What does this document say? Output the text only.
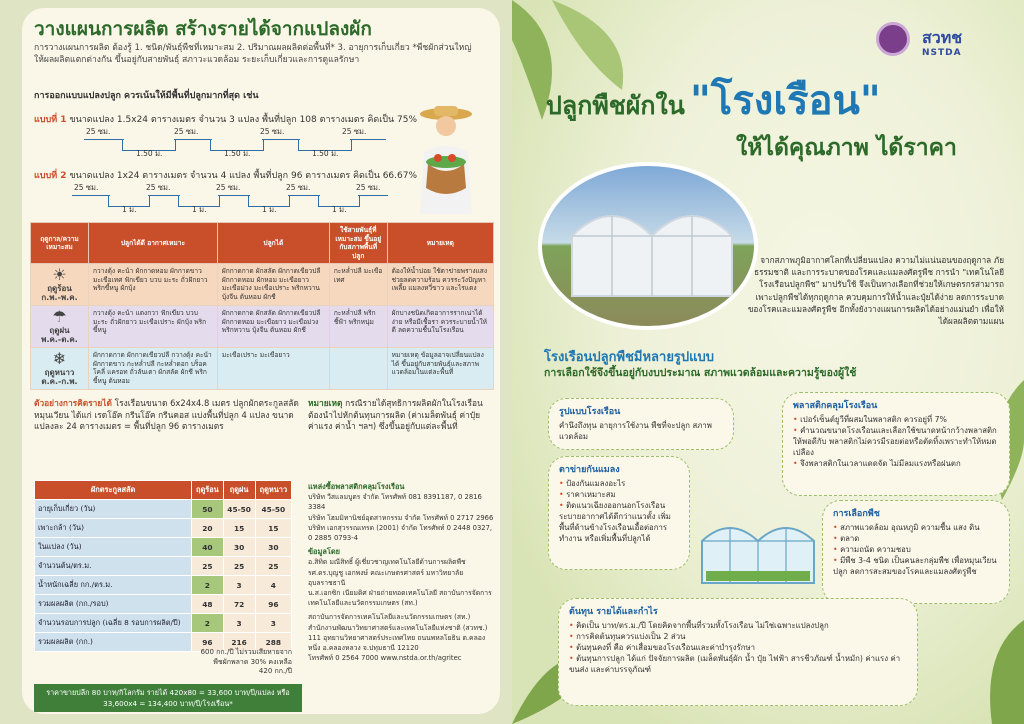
วางแผนการผลิต สร้างรายได้จากแปลงผัก
การวางแผนการผลิต ต้องรู้ 1. ชนิด/พันธุ์พืชที่เหมาะสม 2. ปริมาณผลผลิตต่อพื้นที่* 3. อายุการเก็บเกี่ยว *พืชผักส่วนใหญ่ให้ผลผลิตแตกต่างกัน ขึ้นอยู่กับสายพันธุ์ สภาวะแวดล้อม ระยะเก็บเกี่ยวและการดูแลรักษา
การออกแบบแปลงปลูก ควรเน้นให้มีพื้นที่ปลูกมากที่สุด เช่น
แบบที่ 1 ขนาดแปลง 1.5x24 ตารางเมตร จำนวน 3 แปลง พื้นที่ปลูก 108 ตารางเมตร คิดเป็น 75%
25 ซม.	25 ซม.	25 ซม.	25 ซม.
1.50 ม.	1.50 ม.	1.50 ม.
แบบที่ 2 ขนาดแปลง 1x24 ตารางเมตร จำนวน 4 แปลง พื้นที่ปลูก 96 ตารางเมตร คิดเป็น 66.67%
25 ซม.	25 ซม.	25 ซม.	25 ซม.	25 ซม.
1 ม.	1 ม.	1 ม.	1 ม.
ฤดูกาล/ความเหมาะสม	ปลูกได้ดี อากาศเหมาะ	ปลูกได้	ใช้สายพันธุ์ที่เหมาะสม ขึ้นอยู่กับสภาพพื้นที่ปลูก	หมายเหตุ

☀
ฤดูร้อน
ก.พ.-พ.ค.	กวางตุ้ง คะน้า ผักกาดหอม ผักกาดขาว มะเขือเทศ ฟักเขียว บวบ มะระ ถั่วฝักยาว พริกขี้หนู ผักบุ้ง	ผักกาดกาด ผักสลัด ผักกาดเขียวปลี ผักกาดหอม ผักหอม มะเขือยาว มะเขือม่วง มะเขือเปราะ พริกหวาน บุ้งจีน ต้นหอม ผักชี	กะหล่ำปลี มะเขือเทศ	ต้องให้น้ำบ่อย ใช้ตาข่ายพรางแสง ช่วยลดความร้อน ควรระวังปัญหาเพลี้ย แมลงหวี่ขาว และไรแดง

☂
ฤดูฝน
พ.ค.-ต.ค.	กวางตุ้ง คะน้า แตงกวา ฟักเขียว บวบ มะระ ถั่วฝักยาว มะเขือเปราะ ผักบุ้ง พริกขี้หนู	ผักกาดกาด ผักสลัด ผักกาดเขียวปลี ผักกาดหอม มะเขือยาว มะเขือม่วง พริกหวาน บุ้งจีน ต้นหอม ผักชี	กะหล่ำปลี พริกชี้ฟ้า พริกหนุ่ม	ผักบางชนิดเกิดอาการรากเน่าได้ง่าย หรือมีเชื้อรา ควรระบายน้ำให้ดี ลดความชื้นในโรงเรือน

❄
ฤดูหนาว
ต.ค.-ก.พ.	ผักกาดกาด ผักกาดเขียวปลี กวางตุ้ง คะน้า ผักกาดขาว กะหล่ำปลี กะหล่ำดอก บร็อคโคลี่ แครอท ถั่วลันเตา ผักสลัด ผักชี พริกขี้หนู ต้นหอม	มะเขือเปราะ มะเขือยาว		หมายเหตุ ข้อมูลอาจเปลี่ยนแปลงได้ ขึ้นอยู่กับสายพันธุ์และสภาพแวดล้อมในแต่ละพื้นที่
ตัวอย่างการคิดรายได้ โรงเรือนขนาด 6x24x4.8 เมตร ปลูกผักตระกูลสลัดหมุนเวียน ได้แก่ เรดโอ๊ค กรีนโอ๊ค กรีนคอส แบ่งพื้นที่ปลูก 4 แปลง ขนาดแปลงละ 24 ตารางเมตร = พื้นที่ปลูก 96 ตารางเมตร
หมายเหตุ กรณีรายได้สุทธิการผลิตผักในโรงเรือน ต้องนำไปหักต้นทุนการผลิต (ค่าเมล็ดพันธุ์ ค่าปุ๋ย ค่าแรง ค่าน้ำ ฯลฯ) ซึ่งขึ้นอยู่กับแต่ละพื้นที่
ผักตระกูลสลัด	ฤดูร้อน	ฤดูฝน	ฤดูหนาว
อายุเก็บเกี่ยว (วัน)	50	45-50	45-50
เพาะกล้า (วัน)	20	15	15
ในแปลง (วัน)	40	30	30
จำนวนต้น/ตร.ม.	25	25	25
น้ำหนักเฉลี่ย กก./ตร.ม.	2	3	4
รวมผลผลิต (กก./รอบ)	48	72	96
จำนวนรอบการปลูก (เฉลี่ย 8 รอบการผลิต/ปี)	2	3	3
รวมผลผลิต (กก.)	96	216	288
600 กก./ปี ไม่รวมเสียหายจากพืชผักพลาด 30% คงเหลือ 420 กก./ปี
ราคาขายปลีก 80 บาท/กิโลกรัม รายได้ 420x80 = 33,600 บาท/ปี/แปลง หรือ 33,600x4 = 134,400 บาท/ปี/โรงเรือน*
แหล่งซื้อพลาสติกคลุมโรงเรือน
บริษัท วีสแลมบูตร จำกัด โทรศัพท์ 081 8391187, 0 2816 3384
บริษัท โฮมมิทานิชย์อุตสาหกรรม จำกัด โทรศัพท์ 0 2717 2966
บริษัท เอกสุวรรณเทรด (2001) จำกัด โทรศัพท์ 0 2448 0327, 0 2885 0793-4
ข้อมูลโดย
อ.สิทิด มณีสิทธิ์ ผู้เชี่ยวชาญเทคโนโลยีด้านการผลิตพืช
รศ.ดร.บุญชู เอกพงษ์ คณะเกษตรศาสตร์ มหาวิทยาลัยอุบลราชธานี
น.ส.เอกซิก เนียมดิศ ฝ่ายถ่ายทอดเทคโนโลยี สถาบันการจัดการเทคโนโลยีและนวัตกรรมเกษตร (สท.)
สถาบันการจัดการเทคโนโลยีและนวัตกรรมเกษตร (สท.)
สำนักงานพัฒนาวิทยาศาสตร์และเทคโนโลยีแห่งชาติ (สวทช.)
111 อุทยานวิทยาศาสตร์ประเทศไทย ถนนพหลโยธิน ต.คลองหนึ่ง อ.คลองหลวง จ.ปทุมธานี 12120
โทรศัพท์ 0 2564 7000 www.nstda.or.th/agritec
สวทช
NSTDA
ปลูกพืชผักใน "โรงเรือน"
ให้ได้คุณภาพ ได้ราคา
จากสภาพภูมิอากาศโลกที่เปลี่ยนแปลง ความไม่แน่นอนของฤดูกาล ภัยธรรมชาติ และการระบาดของโรคและแมลงศัตรูพืช การนำ "เทคโนโลยีโรงเรือนปลูกพืช" มาปรับใช้ จึงเป็นทางเลือกที่ช่วยให้เกษตรกรสามารถเพาะปลูกพืชได้ทุกฤดูกาล ควบคุมการให้น้ำและปุ๋ยได้ง่าย ลดการระบาดของโรคและแมลงศัตรูพืช อีกทั้งยังวางแผนการผลิตได้อย่างแม่นยำ เพื่อให้ได้ผลผลิตตามแผน
โรงเรือนปลูกพืชมีหลายรูปแบบ
การเลือกใช้จึงขึ้นอยู่กับงบประมาณ สภาพแวดล้อมและความรู้ของผู้ใช้
รูปแบบโรงเรือน
คำนึงถึงทุน อายุการใช้งาน พืชที่จะปลูก สภาพแวดล้อม
ตาข่ายกันแมลง
• ป้องกันแมลงอะไร
• ราคาเหมาะสม
• ติดแนวเฉียงออกนอกโรงเรือน ระบายอากาศได้ดีกว่าแนวตั้ง เพิ่มพื้นที่ด้านข้างโรงเรือนเอื้อต่อการทำงาน หรือเพิ่มพื้นที่ปลูกได้
พลาสติกคลุมโรงเรือน
• เปอร์เซ็นต์ยูวีที่ผสมในพลาสติก ควรอยู่ที่ 7%
• คำนวณขนาดโรงเรือนและเลือกใช้ขนาดหน้ากว้างพลาสติกให้พอดีกับ พลาสติกไม่ควรมีรอยต่อหรือตัดทิ้งเพราะทำให้หมดเปลือง
• จึงพลาสติกในเวลาแดดจัด ไม่มีลมแรงหรือฝนตก
การเลือกพืช
• สภาพแวดล้อม อุณหภูมิ ความชื้น แสง ดิน
• ตลาด
• ความถนัด ความชอบ
• มีพืช 3-4 ชนิด เป็นคนละกลุ่มพืช เพื่อหมุนเวียนปลูก ลดการสะสมของโรคและแมลงศัตรูพืช
ต้นทุน รายได้และกำไร
• คิดเป็น บาท/ตร.ม./ปี โดยคิดจากพื้นที่รวมทั้งโรงเรือน ไม่ใช่เฉพาะแปลงปลูก
• การคิดต้นทุนควรแบ่งเป็น 2 ส่วน
• ต้นทุนคงที่ คือ ค่าเสื่อมของโรงเรือนและค่าบำรุงรักษา
• ต้นทุนการปลูก ได้แก่ ปัจจัยการผลิต (เมล็ดพันธุ์ผัก น้ำ ปุ๋ย ไฟฟ้า สารชีวภัณฑ์ น้ำหมัก) ค่าแรง ค่าขนส่ง และค่าบรรจุภัณฑ์
